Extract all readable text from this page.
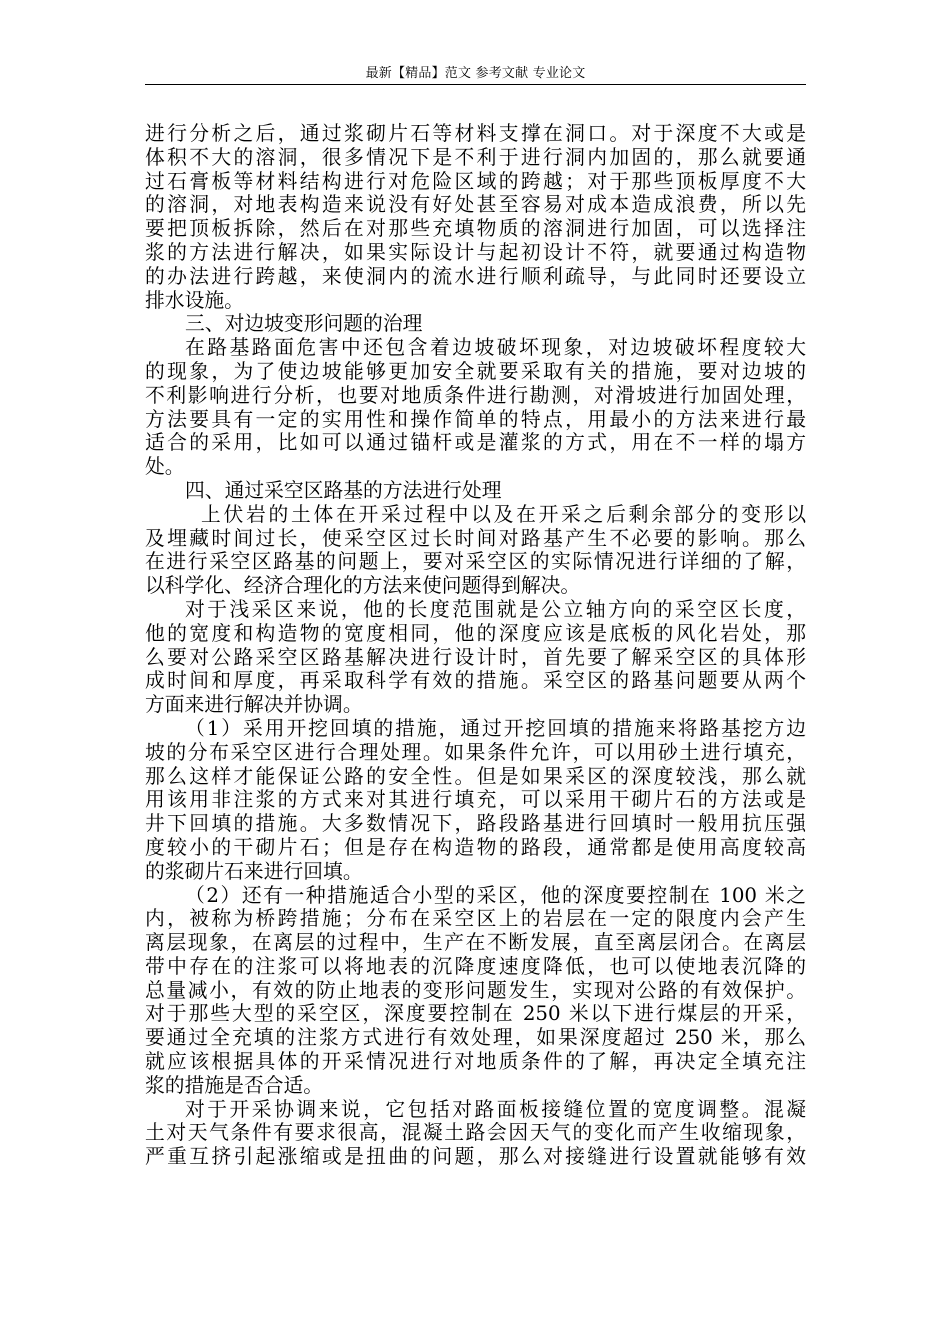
最新【精品】范文 参考文献 专业论文
进行分析之后，通过浆砌片石等材料支撑在洞口。对于深度不大或是
体积不大的溶洞，很多情况下是不利于进行洞内加固的，那么就要通
过石膏板等材料结构进行对危险区域的跨越；对于那些顶板厚度不大
的溶洞，对地表构造来说没有好处甚至容易对成本造成浪费，所以先
要把顶板拆除，然后在对那些充填物质的溶洞进行加固，可以选择注
浆的方法进行解决，如果实际设计与起初设计不符，就要通过构造物
的办法进行跨越，来使洞内的流水进行顺利疏导，与此同时还要设立
排水设施。
三、对边坡变形问题的治理
在路基路面危害中还包含着边坡破坏现象，对边坡破坏程度较大
的现象，为了使边坡能够更加安全就要采取有关的措施，要对边坡的
不利影响进行分析，也要对地质条件进行勘测，对滑坡进行加固处理，
方法要具有一定的实用性和操作简单的特点，用最小的方法来进行最
适合的采用，比如可以通过锚杆或是灌浆的方式，用在不一样的塌方
处。
四、通过采空区路基的方法进行处理
上伏岩的土体在开采过程中以及在开采之后剩余部分的变形以
及埋藏时间过长，使采空区过长时间对路基产生不必要的影响。那么
在进行采空区路基的问题上，要对采空区的实际情况进行详细的了解，
以科学化、经济合理化的方法来使问题得到解决。
对于浅采区来说，他的长度范围就是公立轴方向的采空区长度，
他的宽度和构造物的宽度相同，他的深度应该是底板的风化岩处，那
么要对公路采空区路基解决进行设计时，首先要了解采空区的具体形
成时间和厚度，再采取科学有效的措施。采空区的路基问题要从两个
方面来进行解决并协调。
（1）采用开挖回填的措施，通过开挖回填的措施来将路基挖方边
坡的分布采空区进行合理处理。如果条件允许，可以用砂土进行填充，
那么这样才能保证公路的安全性。但是如果采区的深度较浅，那么就
用该用非注浆的方式来对其进行填充，可以采用干砌片石的方法或是
井下回填的措施。大多数情况下，路段路基进行回填时一般用抗压强
度较小的干砌片石；但是存在构造物的路段，通常都是使用高度较高
的浆砌片石来进行回填。
（2）还有一种措施适合小型的采区，他的深度要控制在 100 米之
内，被称为桥跨措施；分布在采空区上的岩层在一定的限度内会产生
离层现象，在离层的过程中，生产在不断发展，直至离层闭合。在离层
带中存在的注浆可以将地表的沉降度速度降低，也可以使地表沉降的
总量减小，有效的防止地表的变形问题发生，实现对公路的有效保护。
对于那些大型的采空区，深度要控制在 250 米以下进行煤层的开采，
要通过全充填的注浆方式进行有效处理，如果深度超过 250 米，那么
就应该根据具体的开采情况进行对地质条件的了解，再决定全填充注
浆的措施是否合适。
对于开采协调来说，它包括对路面板接缝位置的宽度调整。混凝
土对天气条件有要求很高，混凝土路会因天气的变化而产生收缩现象，
严重互挤引起涨缩或是扭曲的问题，那么对接缝进行设置就能够有效
